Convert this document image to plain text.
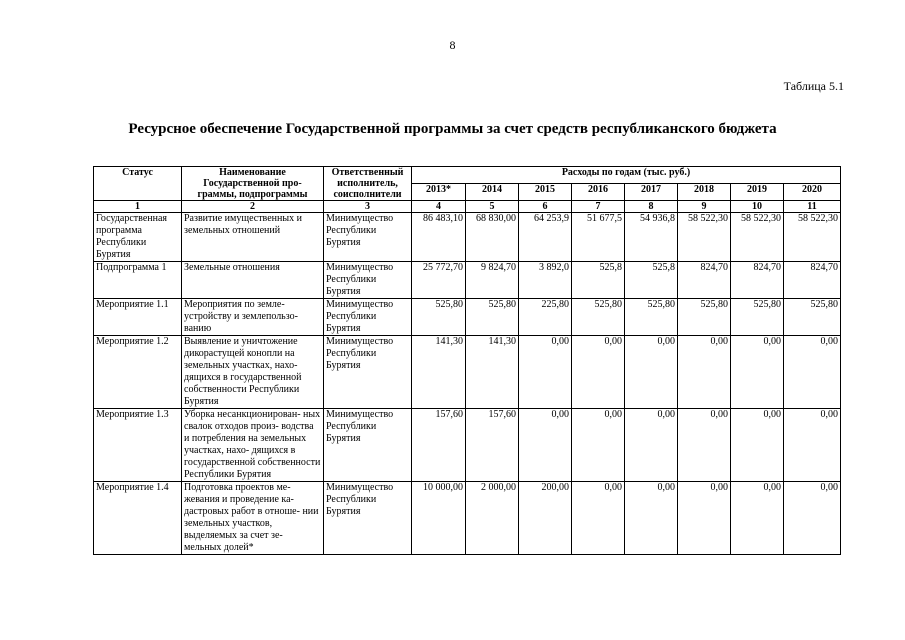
8
Таблица 5.1
Ресурсное обеспечение Государственной программы за счет средств республиканского бюджета
Статус	Наименование Государственной про- граммы, подпрограммы	Ответственный исполнитель, соисполнители	Расходы по годам (тыс. руб.)							
			2013*	2014	2015	2016	2017	2018	2019	2020
1	2	3	4	5	6	7	8	9	10	11
Государственная программа Республики Бурятия	Развитие имущественных и земельных отношений	Минимущество Республики Бурятия	86 483,10	68 830,00	64 253,9	51 677,5	54 936,8	58 522,30	58 522,30	58 522,30
Подпрограмма 1	Земельные отношения	Минимущество Республики Бурятия	25 772,70	9 824,70	3 892,0	525,8	525,8	824,70	824,70	824,70
Мероприятие 1.1	Мероприятия по земле- устройству и землепользо- ванию	Минимущество Республики Бурятия	525,80	525,80	225,80	525,80	525,80	525,80	525,80	525,80
Мероприятие 1.2	Выявление и уничтожение дикорастущей конопли на земельных участках, нахо- дящихся в государственной собственности Республики Бурятия	Минимущество Республики Бурятия	141,30	141,30	0,00	0,00	0,00	0,00	0,00	0,00
Мероприятие 1.3	Уборка несанкционирован- ных свалок отходов произ- водства и потребления на земельных участках, нахо- дящихся в государственной собственности Республики Бурятия	Минимущество Республики Бурятия	157,60	157,60	0,00	0,00	0,00	0,00	0,00	0,00
Мероприятие 1.4	Подготовка проектов ме- жевания и проведение ка- дастровых работ в отноше- нии земельных участков, выделяемых за счет зе- мельных долей*	Минимущество Республики Бурятия	10 000,00	2 000,00	200,00	0,00	0,00	0,00	0,00	0,00
